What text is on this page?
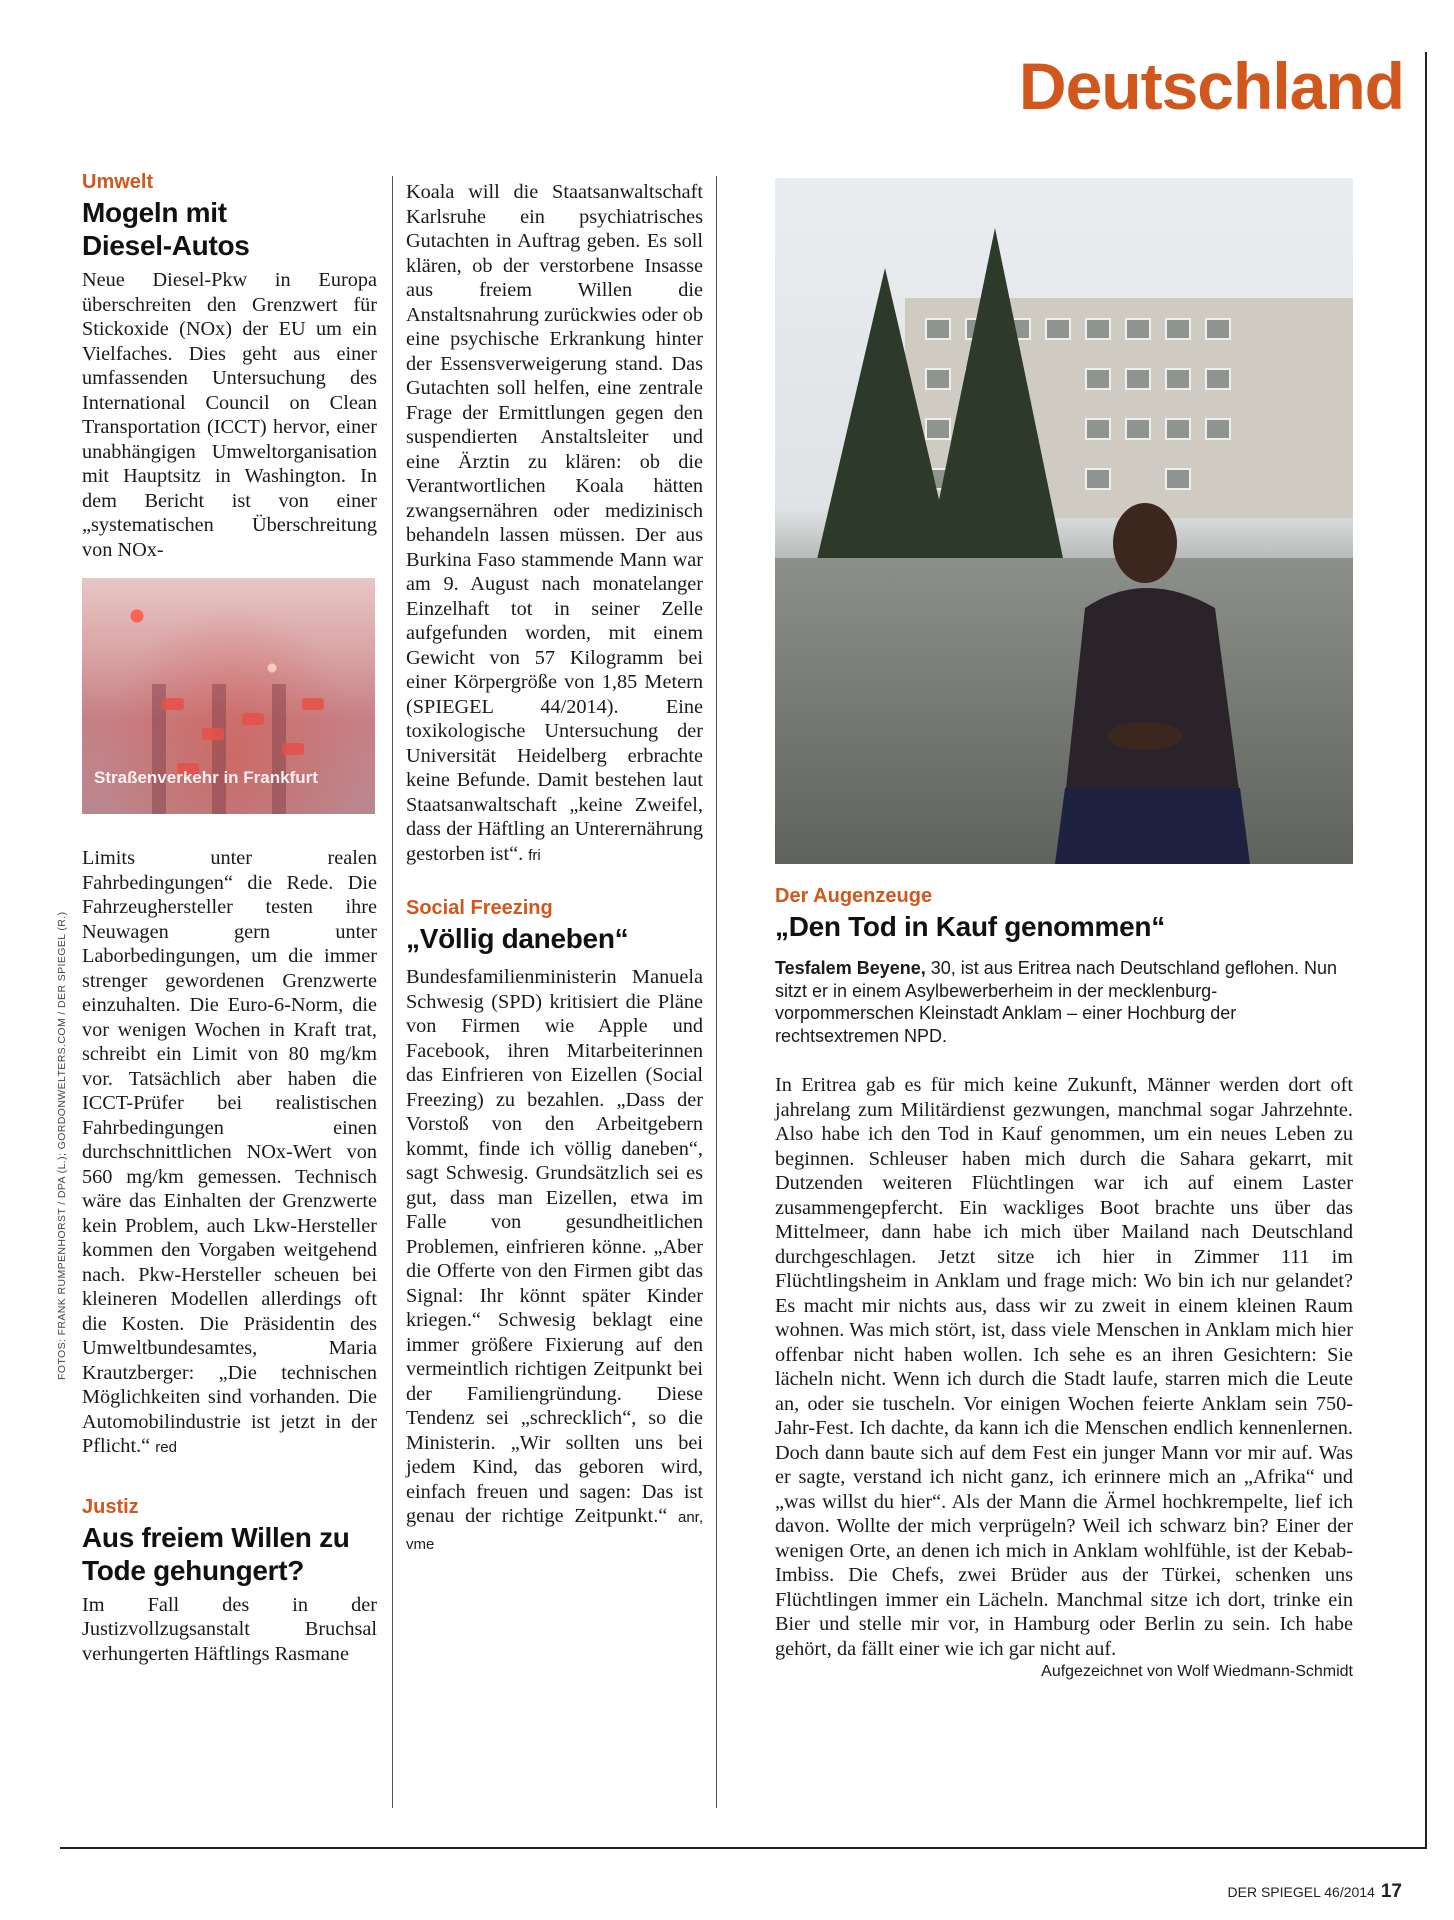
Deutschland
FOTOS: FRANK RUMPENHORST / DPA (L.); GORDONWELTERS.COM / DER SPIEGEL (R.)

Umwelt

Mogeln mit Diesel-Autos

Neue Diesel-Pkw in Europa überschreiten den Grenzwert für Stickoxide (NOx) der EU um ein Vielfaches. Dies geht aus einer umfassenden Untersuchung des International Council on Clean Transportation (ICCT) hervor, einer unabhängigen Umweltorganisation mit Hauptsitz in Washington. In dem Bericht ist von einer „systematischen Überschreitung von NOx-

Straßenverkehr in Frankfurt

Limits unter realen Fahrbedingungen“ die Rede. Die Fahrzeughersteller testen ihre Neuwagen gern unter Laborbedingungen, um die immer strenger gewordenen Grenzwerte einzuhalten. Die Euro-6-Norm, die vor wenigen Wochen in Kraft trat, schreibt ein Limit von 80 mg/km vor. Tatsächlich aber haben die ICCT-Prüfer bei realistischen Fahrbedingungen einen durchschnittlichen NOx-Wert von 560 mg/km gemessen. Technisch wäre das Einhalten der Grenzwerte kein Problem, auch Lkw-Hersteller kommen den Vorgaben weitgehend nach. Pkw-Hersteller scheuen bei kleineren Modellen allerdings oft die Kosten. Die Präsidentin des Umweltbundesamtes, Maria Krautzberger: „Die technischen Möglichkeiten sind vorhanden. Die Automobilindustrie ist jetzt in der Pflicht.“ red

Justiz

Aus freiem Willen zu Tode gehungert?

Im Fall des in der Justizvollzugsanstalt Bruchsal verhungerten Häftlings Rasmane

Koala will die Staatsanwaltschaft Karlsruhe ein psychiatrisches Gutachten in Auftrag geben. Es soll klären, ob der verstorbene Insasse aus freiem Willen die Anstaltsnahrung zurückwies oder ob eine psychische Erkrankung hinter der Essensverweigerung stand. Das Gutachten soll helfen, eine zentrale Frage der Ermittlungen gegen den suspendierten Anstaltsleiter und eine Ärztin zu klären: ob die Verantwortlichen Koala hätten zwangsernähren oder medizinisch behandeln lassen müssen. Der aus Burkina Faso stammende Mann war am 9. August nach monatelanger Einzelhaft tot in seiner Zelle aufgefunden worden, mit einem Gewicht von 57 Kilogramm bei einer Körpergröße von 1,85 Metern (SPIEGEL 44/2014). Eine toxikologische Untersuchung der Universität Heidelberg erbrachte keine Befunde. Damit bestehen laut Staatsanwaltschaft „keine Zweifel, dass der Häftling an Unterernährung gestorben ist“. fri

Social Freezing

„Völlig daneben“

Bundesfamilienministerin Manuela Schwesig (SPD) kritisiert die Pläne von Firmen wie Apple und Facebook, ihren Mitarbeiterinnen das Einfrieren von Eizellen (Social Freezing) zu bezahlen. „Dass der Vorstoß von den Arbeitgebern kommt, finde ich völlig daneben“, sagt Schwesig. Grundsätzlich sei es gut, dass man Eizellen, etwa im Falle von gesundheitlichen Problemen, einfrieren könne. „Aber die Offerte von den Firmen gibt das Signal: Ihr könnt später Kinder kriegen.“ Schwesig beklagt eine immer größere Fixierung auf den vermeintlich richtigen Zeitpunkt bei der Familiengründung. Diese Tendenz sei „schrecklich“, so die Ministerin. „Wir sollten uns bei jedem Kind, das geboren wird, einfach freuen und sagen: Das ist genau der richtige Zeitpunkt.“ anr, vme

Der Augenzeuge

„Den Tod in Kauf genommen“

Tesfalem Beyene, 30, ist aus Eritrea nach Deutschland geflohen. Nun sitzt er in einem Asylbewerberheim in der mecklenburg-vorpommerschen Kleinstadt Anklam – einer Hochburg der rechtsextremen NPD.

In Eritrea gab es für mich keine Zukunft, Männer werden dort oft jahrelang zum Militärdienst gezwungen, manchmal sogar Jahrzehnte. Also habe ich den Tod in Kauf genommen, um ein neues Leben zu beginnen. Schleuser haben mich durch die Sahara gekarrt, mit Dutzenden weiteren Flüchtlingen war ich auf einem Laster zusammengepfercht. Ein wackliges Boot brachte uns über das Mittelmeer, dann habe ich mich über Mailand nach Deutschland durchgeschlagen. Jetzt sitze ich hier in Zimmer 111 im Flüchtlingsheim in Anklam und frage mich: Wo bin ich nur gelandet? Es macht mir nichts aus, dass wir zu zweit in einem kleinen Raum wohnen. Was mich stört, ist, dass viele Menschen in Anklam mich hier offenbar nicht haben wollen. Ich sehe es an ihren Gesichtern: Sie lächeln nicht. Wenn ich durch die Stadt laufe, starren mich die Leute an, oder sie tuscheln. Vor einigen Wochen feierte Anklam sein 750-Jahr-Fest. Ich dachte, da kann ich die Menschen endlich kennenlernen. Doch dann baute sich auf dem Fest ein junger Mann vor mir auf. Was er sagte, verstand ich nicht ganz, ich erinnere mich an „Afrika“ und „was willst du hier“. Als der Mann die Ärmel hochkrempelte, lief ich davon. Wollte der mich verprügeln? Weil ich schwarz bin? Einer der wenigen Orte, an denen ich mich in Anklam wohlfühle, ist der Kebab-Imbiss. Die Chefs, zwei Brüder aus der Türkei, schenken uns Flüchtlingen immer ein Lächeln. Manchmal sitze ich dort, trinke ein Bier und stelle mir vor, in Hamburg oder Berlin zu sein. Ich habe gehört, da fällt einer wie ich gar nicht auf.

Aufgezeichnet von Wolf Wiedmann-Schmidt
DER SPIEGEL 46/2014 17
